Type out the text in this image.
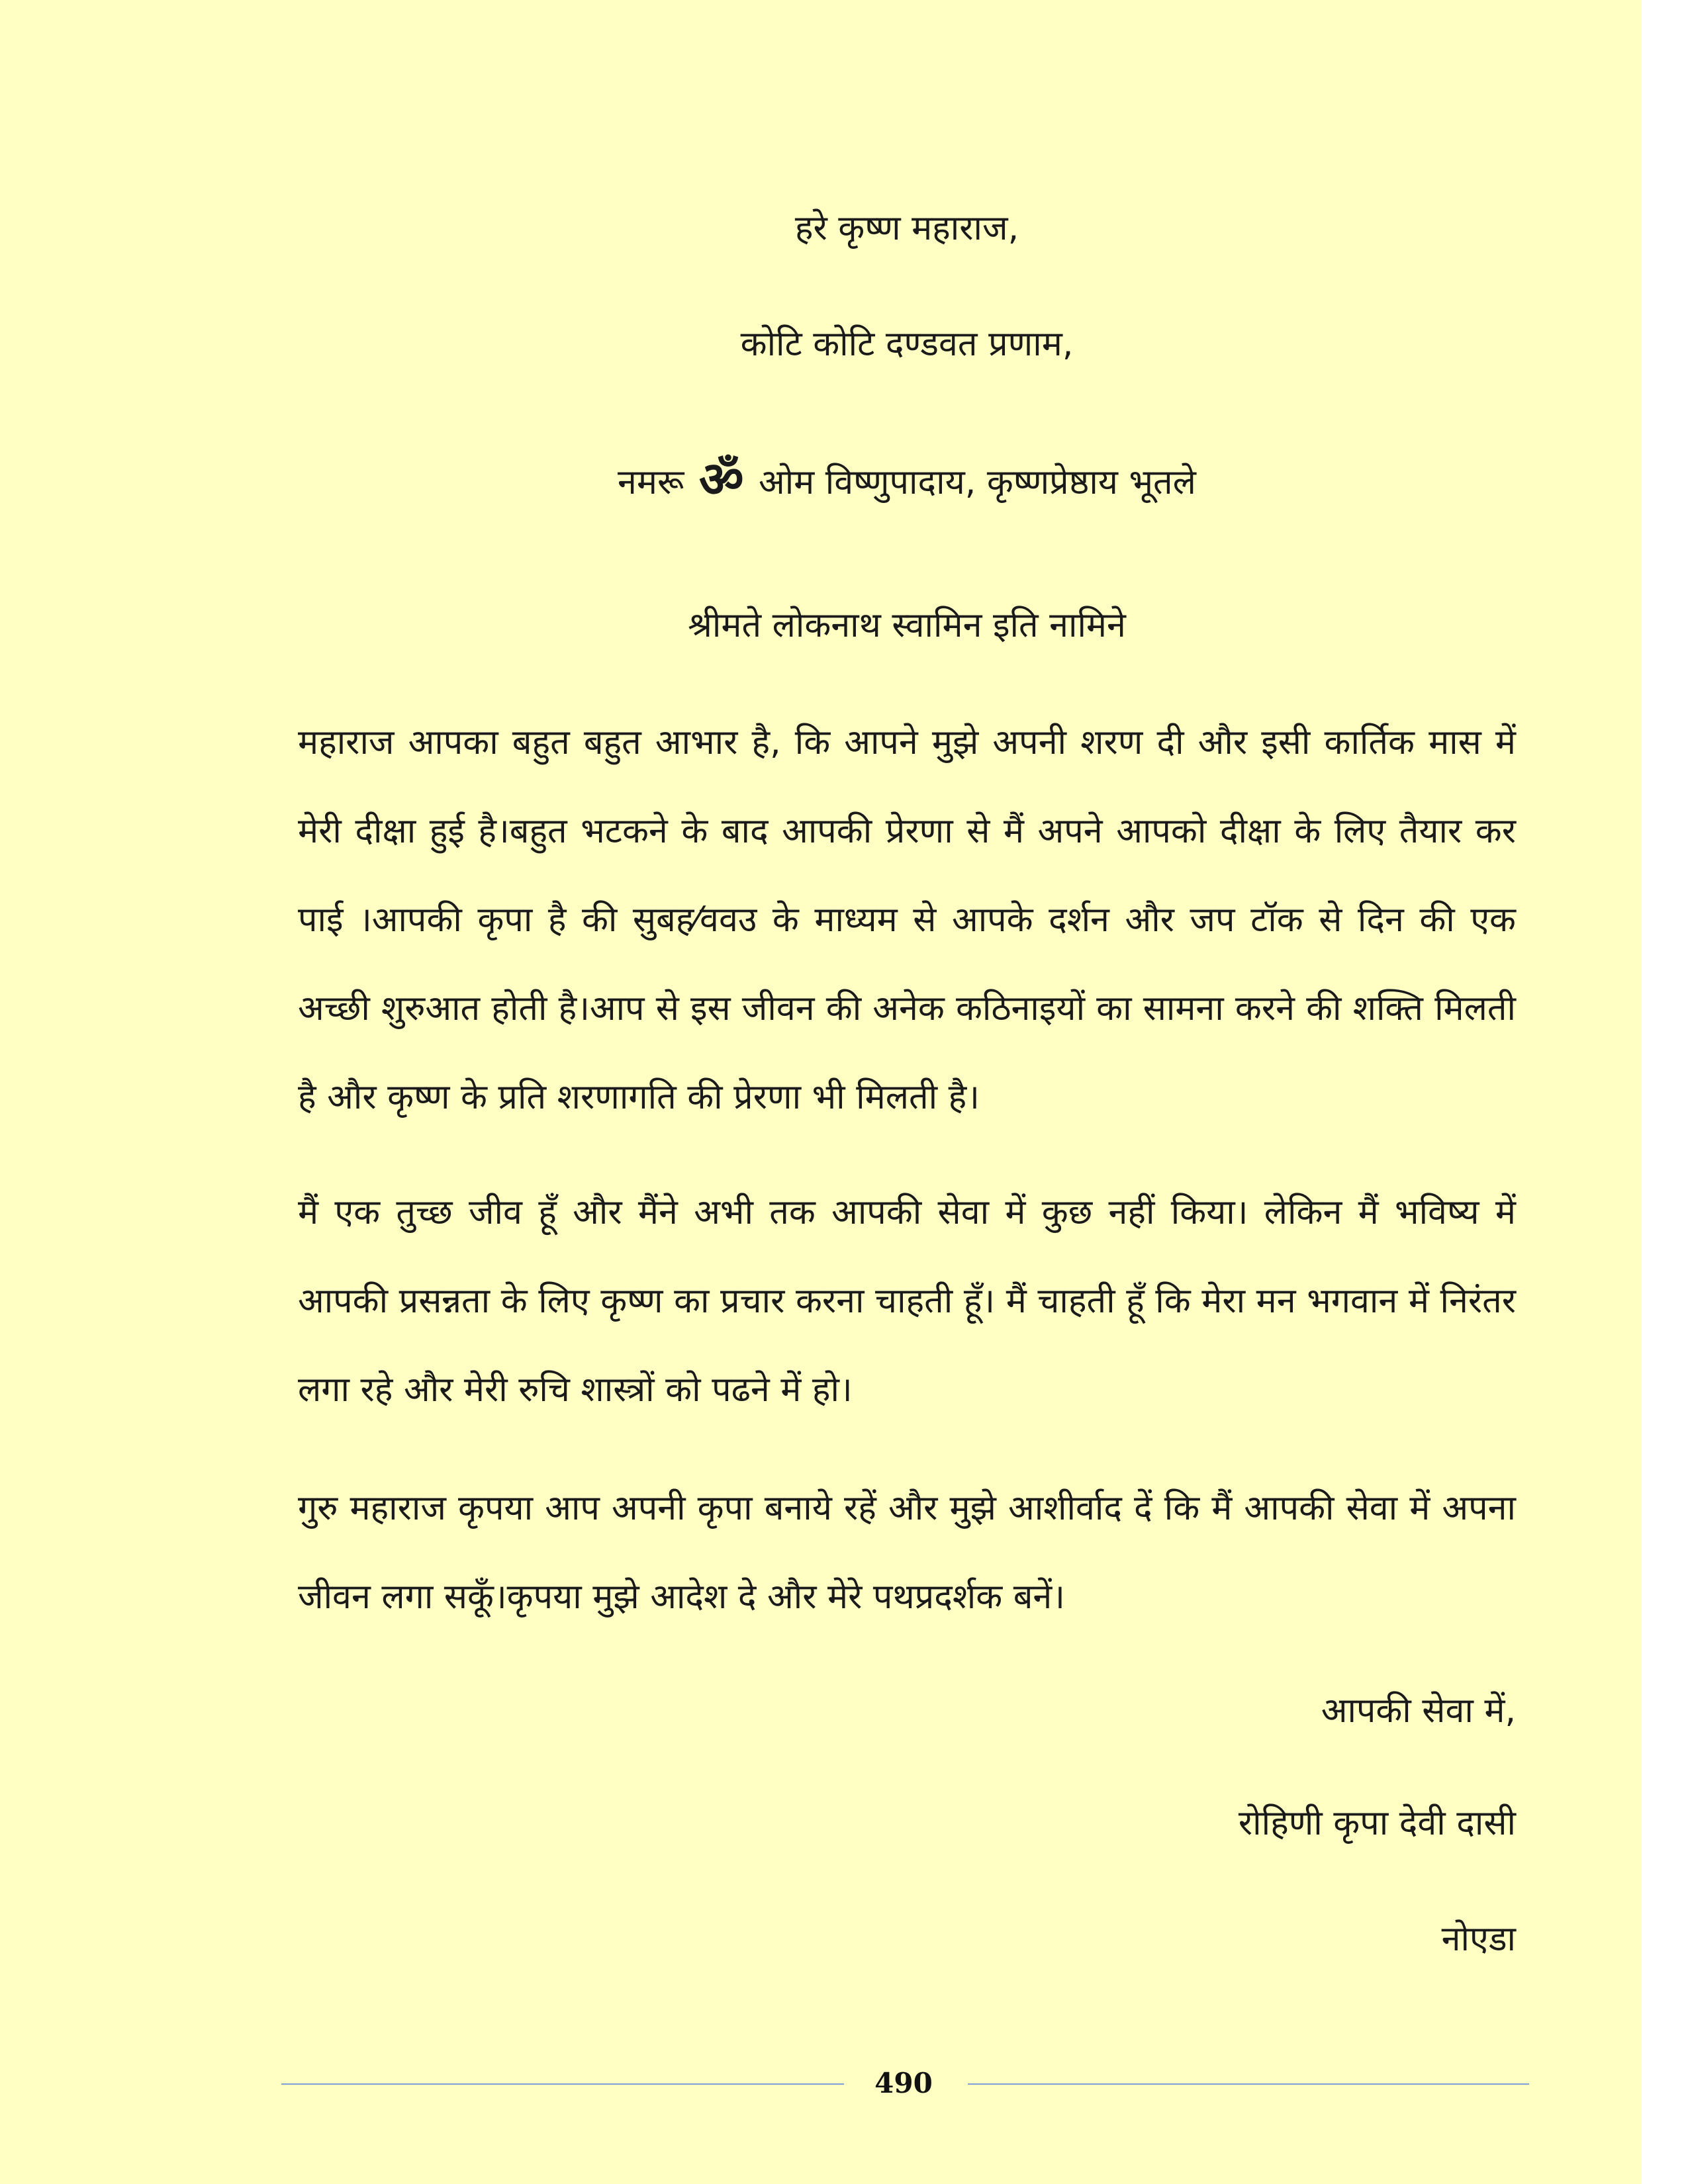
हरे कृष्ण महाराज,
कोटि कोटि दण्डवत प्रणाम,
नमरू ॐ ओम विष्णुपादाय, कृष्णप्रेष्ठाय भूतले
श्रीमते लोकनाथ स्वामिन इति नामिने

महाराज आपका बहुत बहुत आभार है, कि आपने मुझे अपनी शरण दी और इसी कार्तिक मास में मेरी दीक्षा हुई है।बहुत भटकने के बाद आपकी प्रेरणा से मैं अपने आपको दीक्षा के लिए तैयार कर पाई ।आपकी कृपा है की सुबह⁄ववउ के माध्यम से आपके दर्शन और जप टॉक से दिन की एक अच्छी शुरुआत होती है।आप से इस जीवन की अनेक कठिनाइयों का सामना करने की शक्ति मिलती है और कृष्ण के प्रति शरणागति की प्रेरणा भी मिलती है।

मैं एक तुच्छ जीव हूँ और मैंने अभी तक आपकी सेवा में कुछ नहीं किया। लेकिन मैं भविष्य में आपकी प्रसन्नता के लिए कृष्ण का प्रचार करना चाहती हूँ। मैं चाहती हूँ कि मेरा मन भगवान में निरंतर लगा रहे और मेरी रुचि शास्त्रों को पढने में हो।

गुरु महाराज कृपया आप अपनी कृपा बनाये रहें और मुझे आशीर्वाद दें कि मैं आपकी सेवा में अपना जीवन लगा सकूँ।कृपया मुझे आदेश दे और मेरे पथप्रदर्शक बनें।

आपकी सेवा में,
रोहिणी कृपा देवी दासी
नोएडा
490
